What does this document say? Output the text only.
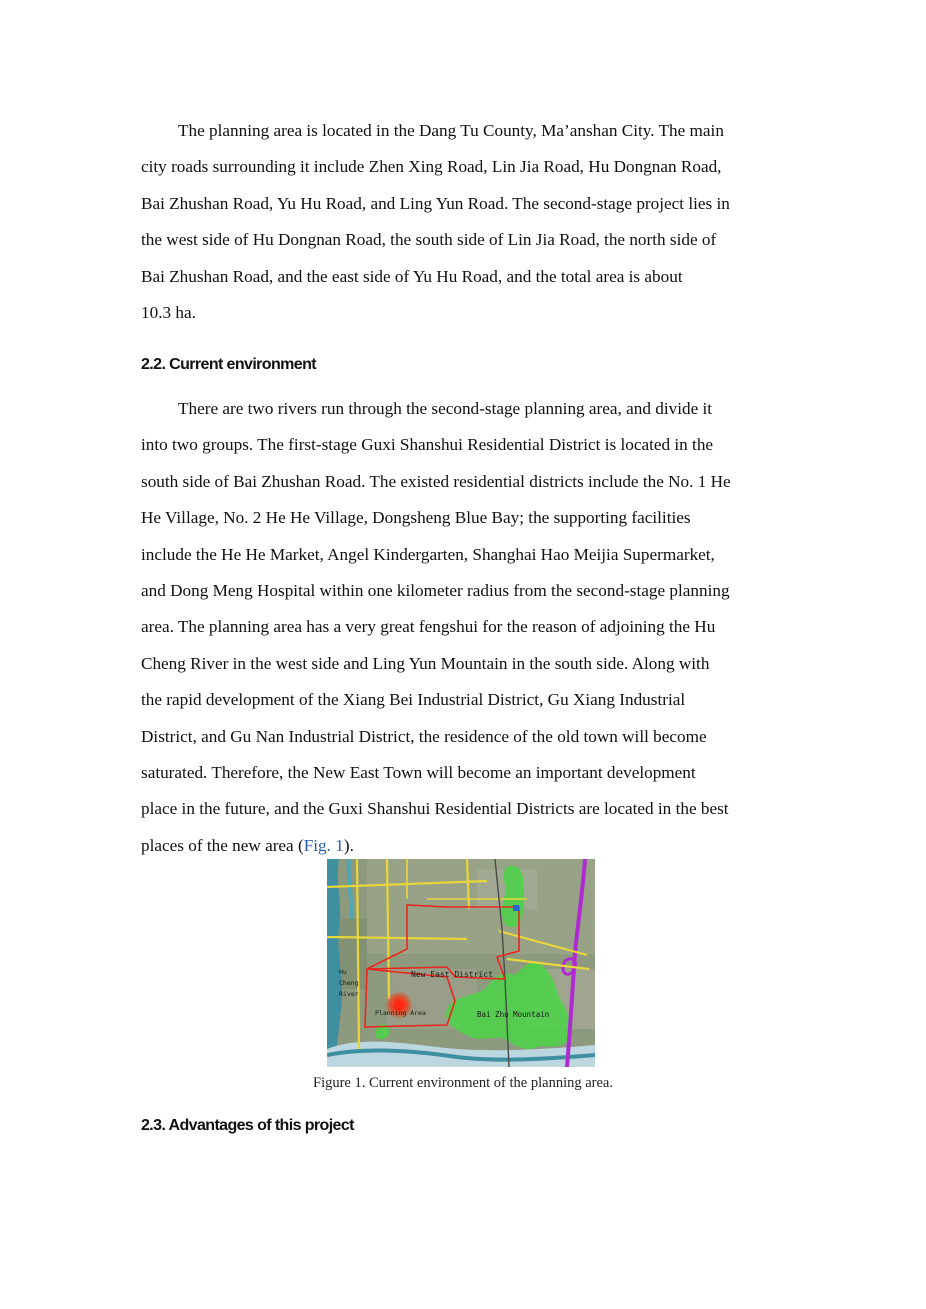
The planning area is located in the Dang Tu County, Ma’anshan City. The main
city roads surrounding it include Zhen Xing Road, Lin Jia Road, Hu Dongnan Road,
Bai Zhushan Road, Yu Hu Road, and Ling Yun Road. The second-stage project lies in
the west side of Hu Dongnan Road, the south side of Lin Jia Road, the north side of
Bai Zhushan Road, and the east side of Yu Hu Road, and the total area is about
10.3 ha.
2.2. Current environment
There are two rivers run through the second-stage planning area, and divide it
into two groups. The first-stage Guxi Shanshui Residential District is located in the
south side of Bai Zhushan Road. The existed residential districts include the No. 1 He
He Village, No. 2 He He Village, Dongsheng Blue Bay; the supporting facilities
include the He He Market, Angel Kindergarten, Shanghai Hao Meijia Supermarket,
and Dong Meng Hospital within one kilometer radius from the second-stage planning
area. The planning area has a very great fengshui for the reason of adjoining the Hu
Cheng River in the west side and Ling Yun Mountain in the south side. Along with
the rapid development of the Xiang Bei Industrial District, Gu Xiang Industrial
District, and Gu Nan Industrial District, the residence of the old town will become
saturated. Therefore, the New East Town will become an important development
place in the future, and the Guxi Shanshui Residential Districts are located in the best
places of the new area (Fig. 1).
New East District
Bai Zhu Mountain
Hu
Cheng
River
Planning Area
Figure 1. Current environment of the planning area.
2.3. Advantages of this project
